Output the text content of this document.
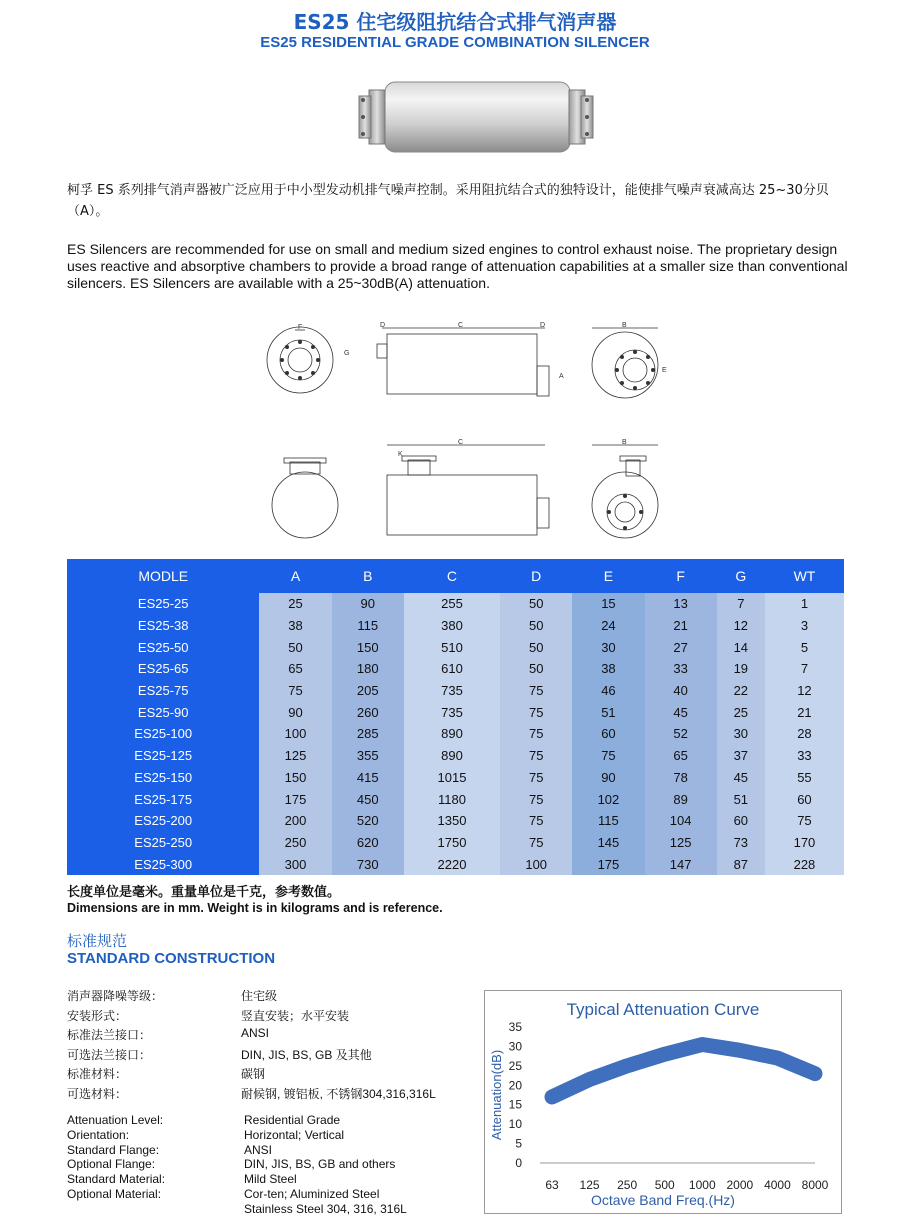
ES25 住宅级阻抗结合式排气消声器
ES25 RESIDENTIAL GRADE COMBINATION SILENCER
柯孚 ES 系列排气消声器被广泛应用于中小型发动机排气噪声控制。采用阻抗结合式的独特设计，能使排气噪声衰减高达 25~30分贝（A）。
ES Silencers are recommended for use on small and medium sized engines to control exhaust noise. The proprietary design uses reactive and absorptive chambers to provide a broad range of attenuation capabilities at a smaller size than conventional silencers. ES Silencers are available with a 25~30dB(A) attenuation.
F
G
C
D	D
A
B
E
C
K
B
MODLE	A	B	C	D	E	F	G	WT
ES25-25	25	90	255	50	15	13	7	1
ES25-38	38	115	380	50	24	21	12	3
ES25-50	50	150	510	50	30	27	14	5
ES25-65	65	180	610	50	38	33	19	7
ES25-75	75	205	735	75	46	40	22	12
ES25-90	90	260	735	75	51	45	25	21
ES25-100	100	285	890	75	60	52	30	28
ES25-125	125	355	890	75	75	65	37	33
ES25-150	150	415	1015	75	90	78	45	55
ES25-175	175	450	1180	75	102	89	51	60
ES25-200	200	520	1350	75	115	104	60	75
ES25-250	250	620	1750	75	145	125	73	170
ES25-300	300	730	2220	100	175	147	87	228
长度单位是毫米。重量单位是千克，参考数值。
Dimensions are in mm. Weight is in kilograms and is reference.
标准规范
STANDARD CONSTRUCTION
消声器降噪等级：	住宅级
安装形式：	竖直安装；水平安装
标准法兰接口：	ANSI
可选法兰接口：	DIN, JIS, BS, GB 及其他
标准材料：	碳钢
可选材料：	耐候钢, 镀铝板, 不锈钢304,316,316L
Attenuation Level:	Residential Grade
Orientation:	Horizontal; Vertical
Standard Flange:	ANSI
Optional Flange:	DIN, JIS, BS, GB and others
Standard Material:	Mild Steel
Optional Material:	Cor-ten; Aluminized Steel
Stainless Steel 304, 316, 316L
Typical Attenuation Curve
0
5
10
15
20
25
30
35
63 125 250 500 1000 2000 4000 8000
Octave Band Freq.(Hz)
Attenuation(dB)
